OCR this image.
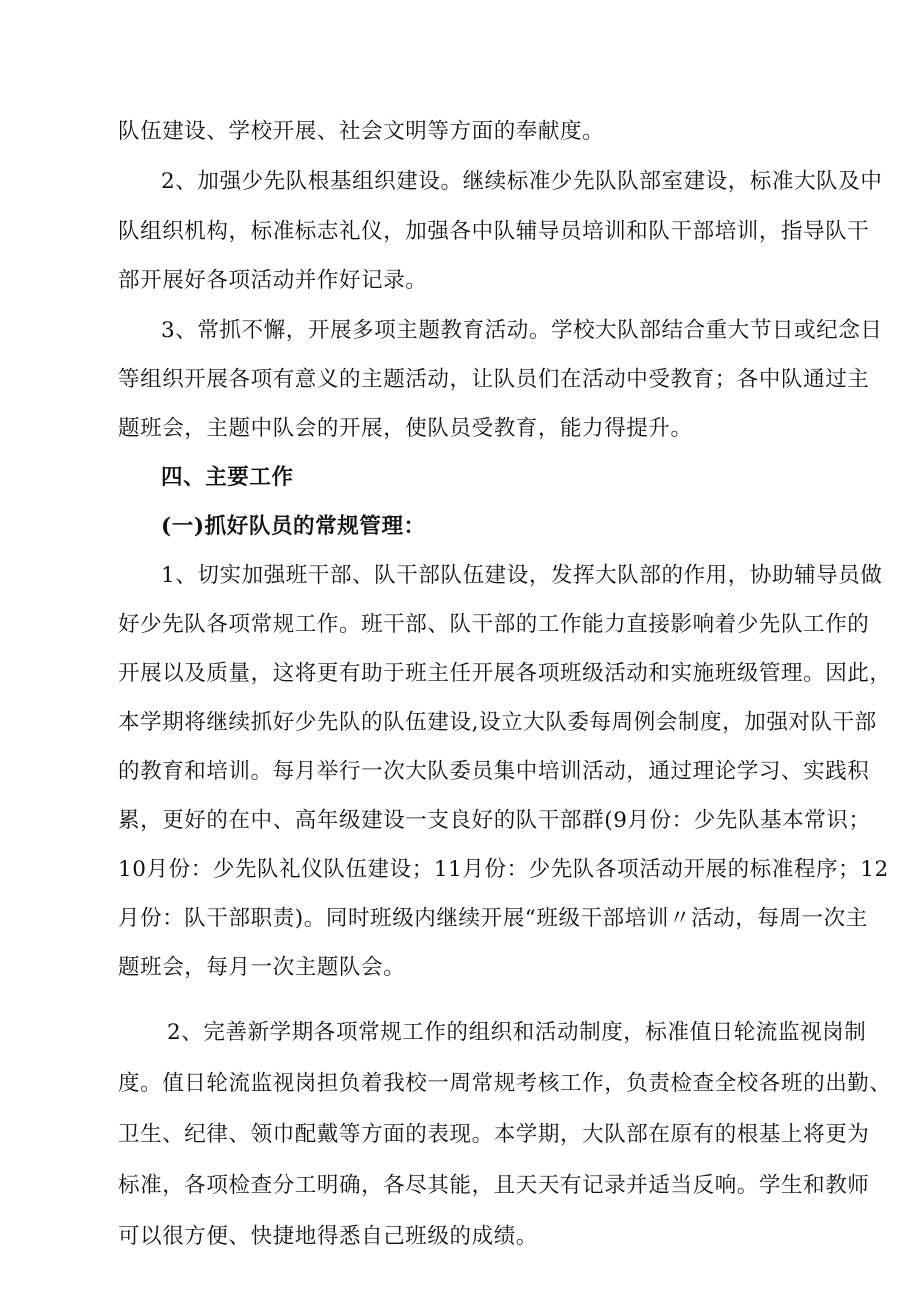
队伍建设、学校开展、社会文明等方面的奉献度。
2、加强少先队根基组织建设。继续标准少先队队部室建设，标准大队及中
队组织机构，标准标志礼仪，加强各中队辅导员培训和队干部培训，指导队干
部开展好各项活动并作好记录。
3、常抓不懈，开展多项主题教育活动。学校大队部结合重大节日或纪念日
等组织开展各项有意义的主题活动，让队员们在活动中受教育；各中队通过主
题班会，主题中队会的开展，使队员受教育，能力得提升。
四、主要工作
(一)抓好队员的常规管理：
1、切实加强班干部、队干部队伍建设，发挥大队部的作用，协助辅导员做
好少先队各项常规工作。班干部、队干部的工作能力直接影响着少先队工作的
开展以及质量，这将更有助于班主任开展各项班级活动和实施班级管理。因此，
本学期将继续抓好少先队的队伍建设,设立大队委每周例会制度，加强对队干部
的教育和培训。每月举行一次大队委员集中培训活动，通过理论学习、实践积
累，更好的在中、高年级建设一支良好的队干部群(9月份：少先队基本常识；
10月份：少先队礼仪队伍建设；11月份：少先队各项活动开展的标准程序；12
月份：队干部职责)。同时班级内继续开展“班级干部培训〃活动，每周一次主
题班会，每月一次主题队会。
2、完善新学期各项常规工作的组织和活动制度，标准值日轮流监视岗制
度。值日轮流监视岗担负着我校一周常规考核工作，负责检查全校各班的出勤、
卫生、纪律、领巾配戴等方面的表现。本学期，大队部在原有的根基上将更为
标准，各项检查分工明确，各尽其能，且天天有记录并适当反响。学生和教师
可以很方便、快捷地得悉自己班级的成绩。
